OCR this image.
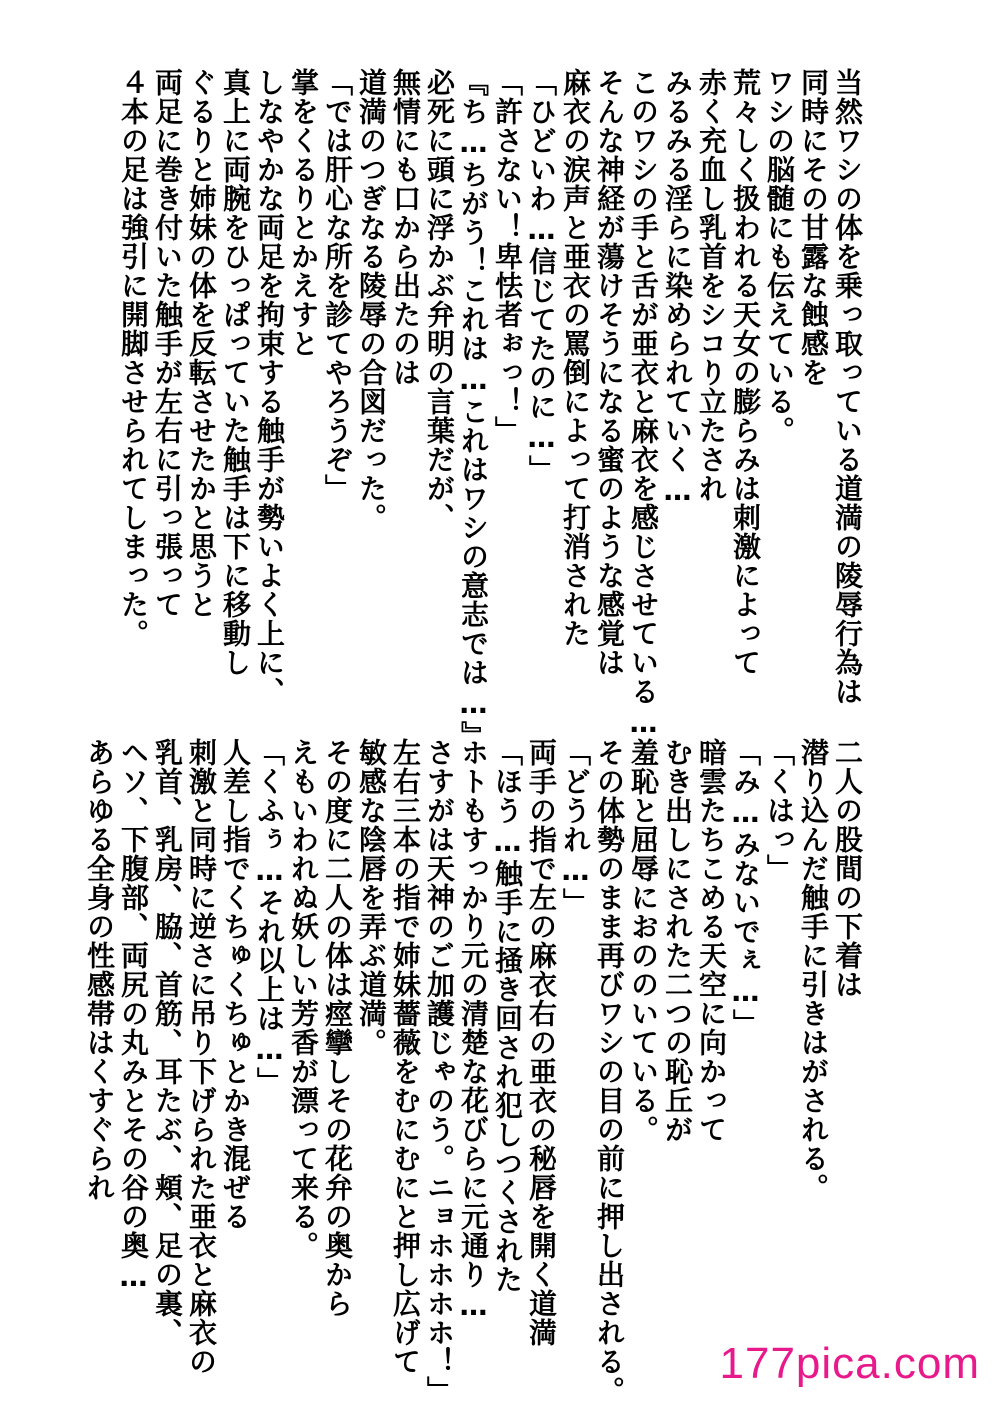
当然ワシの体を乗っ取っている道満の陵辱行為は
同時にその甘露な蝕感を
ワシの脳髄にも伝えている。
荒々しく扱われる天女の膨らみは刺激によって
赤く充血し乳首をシコり立たされ
みるみる淫らに染められていく…
このワシの手と舌が亜衣と麻衣を感じさせている…
そんな神経が蕩けそうになる蜜のような感覚は
麻衣の涙声と亜衣の罵倒によって打消された
「ひどいわ…信じてたのに…」
「許さない！卑怯者ぉっ！」
『ち…ちがう！これは…これはワシの意志では…』
必死に頭に浮かぶ弁明の言葉だが、
無情にも口から出たのは
道満のつぎなる陵辱の合図だった。
「では肝心な所を診てやろうぞ」
掌をくるりとかえすと
しなやかな両足を拘束する触手が勢いよく上に、
真上に両腕をひっぱっていた触手は下に移動し
ぐるりと姉妹の体を反転させたかと思うと
両足に巻き付いた触手が左右に引っ張って
４本の足は強引に開脚させられてしまった。
二人の股間の下着は
潜り込んだ触手に引きはがされる。
「くはっ」
「み…みないでぇ…」
暗雲たちこめる天空に向かって
むき出しにされた二つの恥丘が
羞恥と屈辱におののいている。
その体勢のまま再びワシの目の前に押し出される。
「どうれ…」
両手の指で左の麻衣右の亜衣の秘唇を開く道満
「ほう…触手に掻き回され犯しつくされた
ホトもすっかり元の清楚な花びらに元通り…
さすがは天神のご加護じゃのう。ニョホホホホ！」
左右三本の指で姉妹薔薇をむにむにと押し広げて
敏感な陰唇を弄ぶ道満。
その度に二人の体は痙攣しその花弁の奥から
えもいわれぬ妖しい芳香が漂って来る。
「くふぅ…それ以上は…」
人差し指でくちゅくちゅとかき混ぜる
刺激と同時に逆さに吊り下げられた亜衣と麻衣の
乳首、乳房、脇、首筋、耳たぶ、頬、足の裏、
ヘソ、下腹部、両尻の丸みとその谷の奥…
あらゆる全身の性感帯はくすぐられ
177pica.com
